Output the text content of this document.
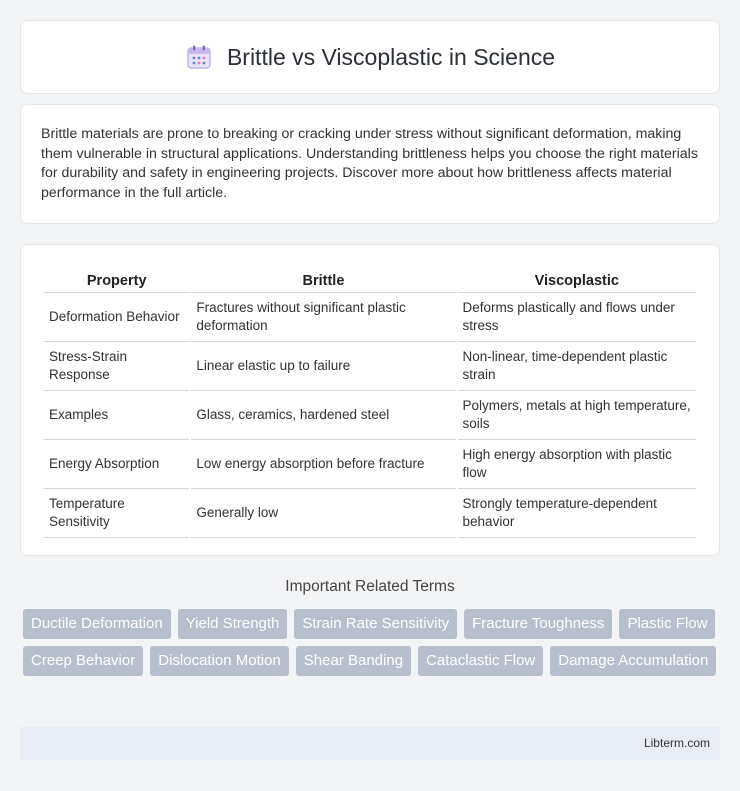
Brittle vs Viscoplastic in Science

Brittle materials are prone to breaking or cracking under stress without significant deformation, making them vulnerable in structural applications. Understanding brittleness helps you choose the right materials for durability and safety in engineering projects. Discover more about how brittleness affects material performance in the full article.

Property	Brittle	Viscoplastic
Deformation Behavior	Fractures without significant plastic deformation	Deforms plastically and flows under stress
Stress-Strain Response	Linear elastic up to failure	Non-linear, time-dependent plastic strain
Examples	Glass, ceramics, hardened steel	Polymers, metals at high temperature, soils
Energy Absorption	Low energy absorption before fracture	High energy absorption with plastic flow
Temperature Sensitivity	Generally low	Strongly temperature-dependent behavior
Important Related Terms
Ductile Deformation	Yield Strength	Strain Rate Sensitivity	Fracture Toughness	Plastic Flow
Creep Behavior	Dislocation Motion	Shear Banding	Cataclastic Flow	Damage Accumulation
Libterm.com
